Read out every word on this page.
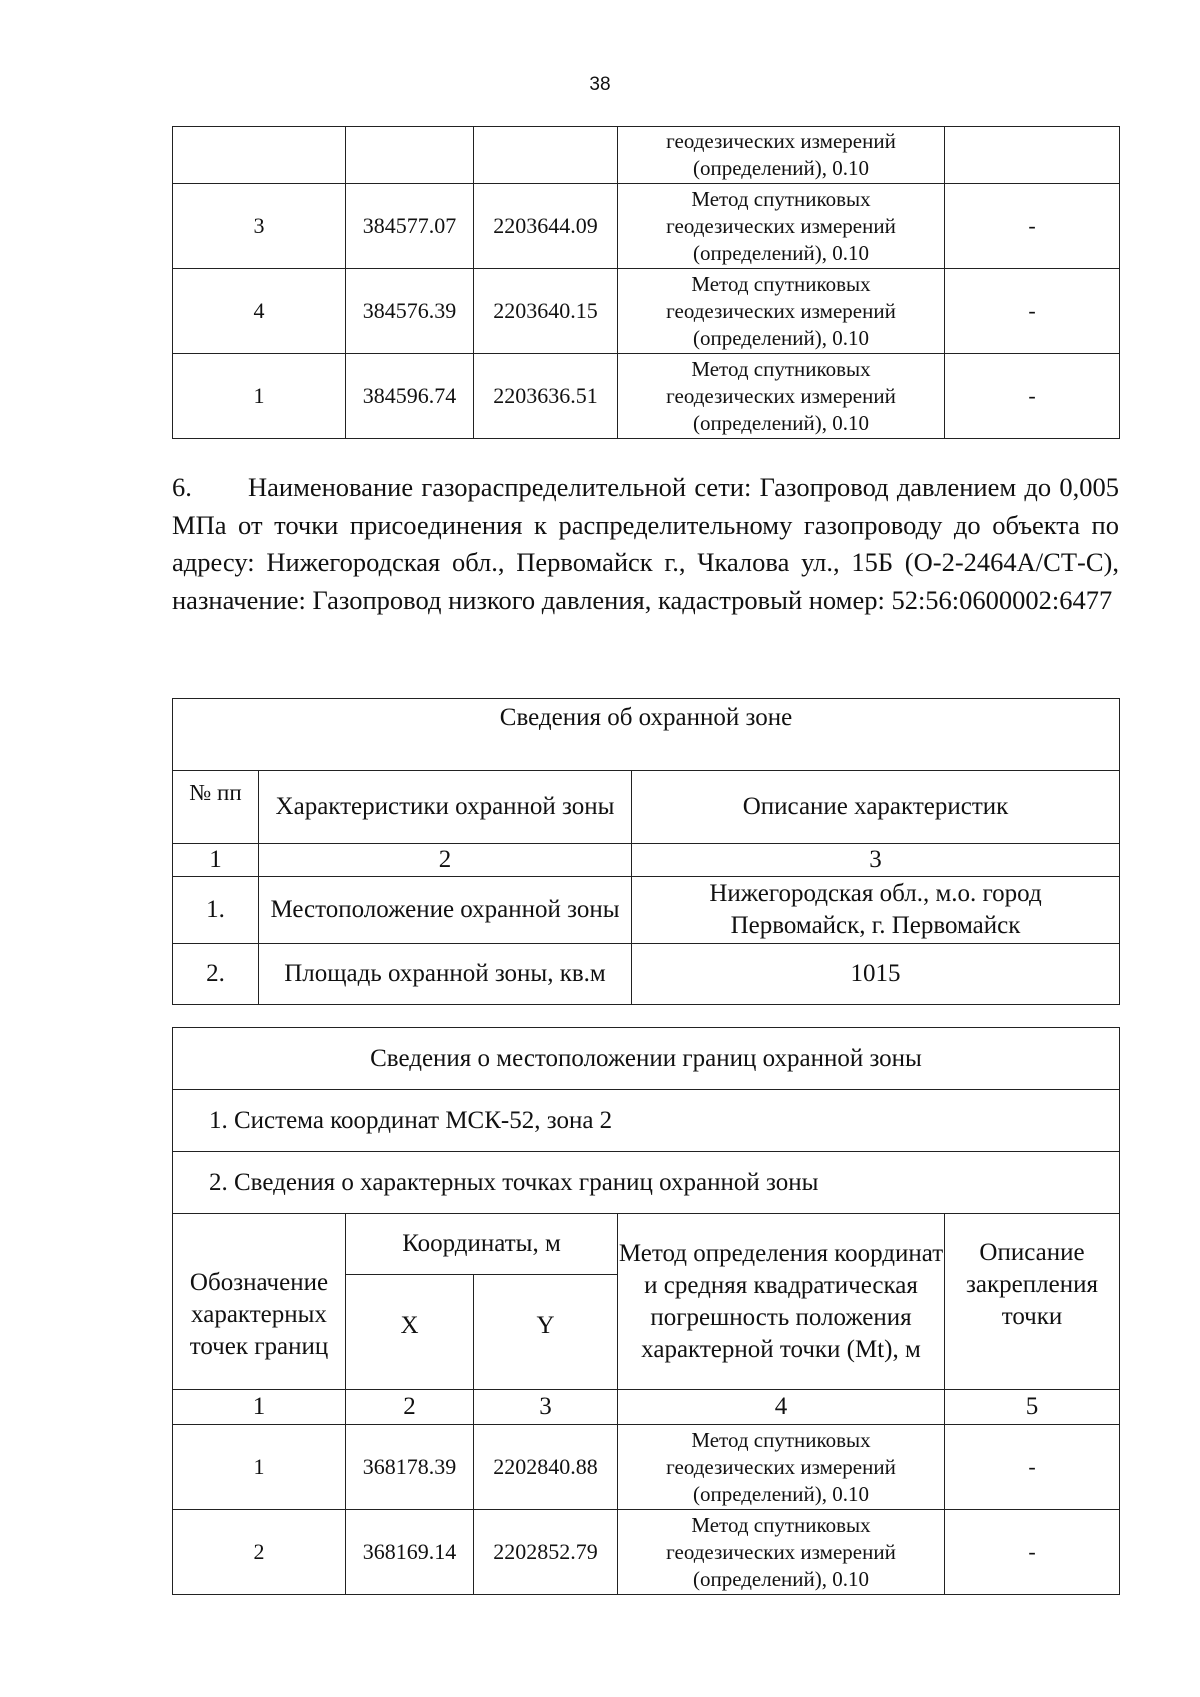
38

			геодезических измерений
(определений), 0.10	

3	384577.07	2203644.09	Метод спутниковых
геодезических измерений
(определений), 0.10	-
4	384576.39	2203640.15	Метод спутниковых
геодезических измерений
(определений), 0.10	-
1	384596.74	2203636.51	Метод спутниковых
геодезических измерений
(определений), 0.10	-

6. Наименование газораспределительной сети: Газопровод давлением до 0,005 МПа от точки присоединения к распределительному газопроводу до объекта по адресу: Нижегородская обл., Первомайск г., Чкалова ул., 15Б (О-2-2464А/СТ-С), назначение: Газопровод низкого давления, кадастровый номер: 52:56:0600002:6477

Сведения об охранной зоне		
№ пп	Характеристики охранной зоны	Описание характеристик
1	2	3
1.	Местоположение охранной зоны	Нижегородская обл., м.о. город Первомайск, г. Первомайск
2.	Площадь охранной зоны, кв.м	1015
Сведения о местоположении границ охранной зоны				
1. Система координат МСК-52, зона 2				
2. Сведения о характерных точках границ охранной зоны				
Обозначение характерных точек границ	Координаты, м		Метод определения координат и средняя квадратическая погрешность положения характерной точки (Mt), м	Описание закрепления точки
	X	Y		
1	2	3	4	5
1	368178.39	2202840.88	Метод спутниковых
геодезических измерений
(определений), 0.10	-
2	368169.14	2202852.79	Метод спутниковых
геодезических измерений
(определений), 0.10	-
